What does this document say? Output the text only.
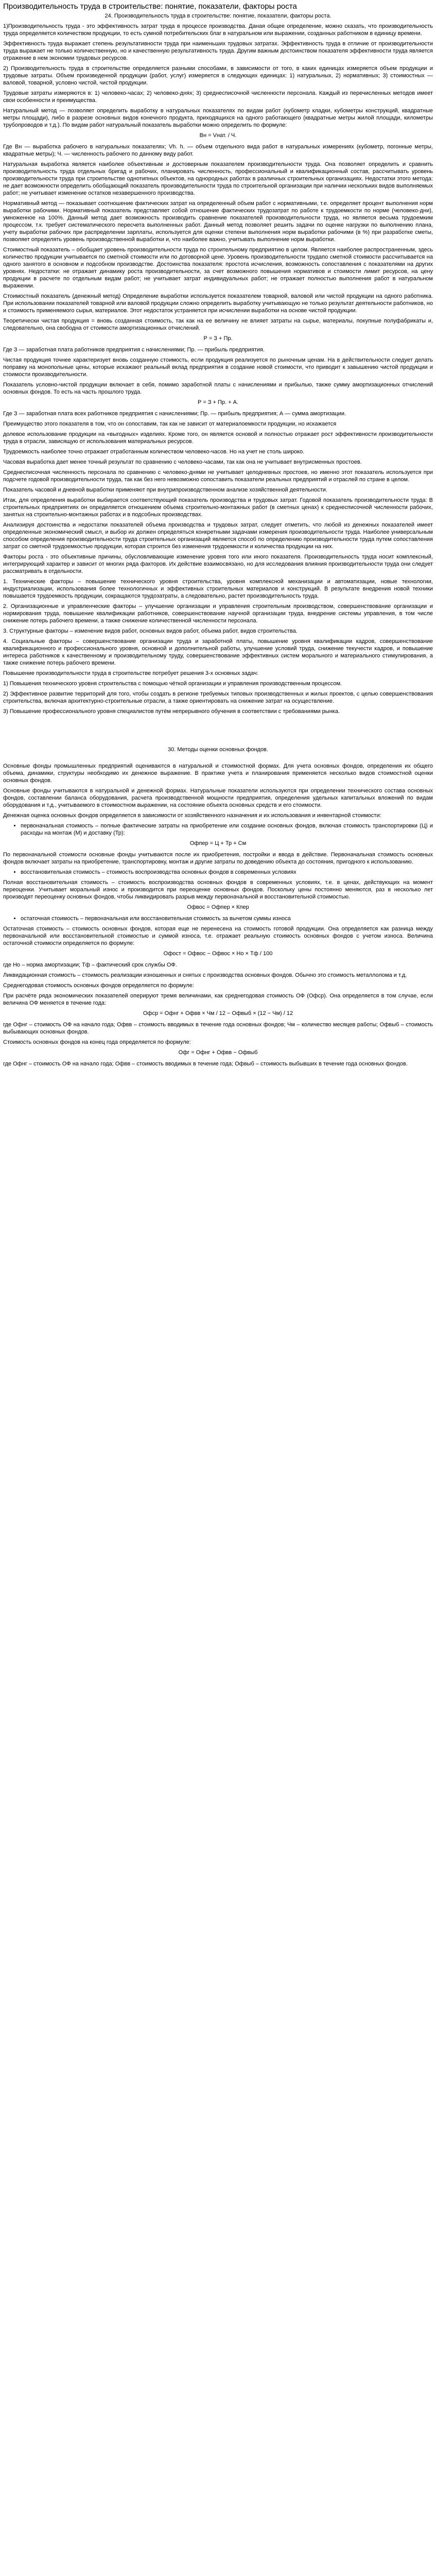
Производительность труда в строительстве: понятие, показатели, факторы роста
24. Производительность труда в строительстве: понятие, показатели, факторы роста.

1)Производительность труда - это эффективность затрат труда в процессе производства. Даная общее определение, можно сказать, что производительность труда определяется количеством продукции, то есть сумной потребительских благ в натуральном или выражении, созданных работником в единицу времени.

Эффективность труда выражает степень результативности труда при наименьших трудовых затратах. Эффективность труда в отличие от производительности труда выражает не только количественную, но и качественную результативность труда. Другим важным достоинством показателя эффективности труда является отражение в нем экономии трудовых ресурсов.

2) Производительность труда в строительстве определяется разными способами, в зависимости от того, в каких единицах измеряется объем продукции и трудовые затраты. Объем произведенной продукции (работ, услуг) измеряется в следующих единицах: 1) натуральных, 2) нормативных; 3) стоимостных — валовой, товарной, условно чистой, чистой продукции.

Трудовые затраты измеряются в: 1) человеко-часах; 2) человеко-днях; 3) среднесписочной численности персонала. Каждый из перечисленных методов имеет свои особенности и преимущества.

Натуральный метод — позволяет определить выработку в натуральных показателях по видам работ (кубометр кладки, кубометры конструкций, квадратные метры площади), либо в разрезе основных видов конечного продукта, приходящихся на одного работающего (квадратные метры жилой площади, километры трубопроводов и т.д.). По видам работ натуральный показатель выработки можно определить по формуле:

Вн = Vнат. / Ч.

Где Вн — выработка рабочего в натуральных показателях; Vh. h. — объем отдельного вида работ в натуральных измерениях (кубометр, погонные метры, квадратные метры); Ч. — численность рабочего по данному виду работ.

Натуральная выработка является наиболее объективным и достоверным показателем производительности труда. Она позволяет определить и сравнить производительность труда отдельных бригад и рабочих, планировать численность, профессиональный и квалификационный состав, рассчитывать уровень производительности труда при строительстве однотипных объектов, на однородных работах в различных строительных организациях. Недостатки этого метода: не дает возможности определить обобщающий показатель производительности труда по строительной организации при наличии нескольких видов выполняемых работ; не учитывает изменение остатков незавершенного производства.

Нормативный метод — показывает соотношение фактических затрат на определенный объем работ с нормативными, т.е. определяет процент выполнения норм выработки рабочими. Нормативный показатель представляет собой отношение фактических трудозатрат по работе к трудоемкости по норме (человеко-дни), умноженное на 100%. Данный метод дает возможность производить сравнение показателей производительности труда, но является весьма трудоемким процессом, т.к. требует систематического пересчета выполненных работ. Данный метод позволяет решить задачи по оценке нагрузки по выполнению плана, учету выработки рабочих при распределении зарплаты, используется для оценки степени выполнения норм выработки рабочими (в %) при разработке сметы, позволяет определять уровень производственной выработки и, что наиболее важно, учитывать выполнение норм выработки.

Стоимостный показатель – обобщает уровень производительности труда по строительному предприятию в целом. Является наиболее распространенным, здесь количество продукции учитывается по сметной стоимости или по договорной цене. Уровень производительности трудапо сметной стоимости рассчитывается на одного занятого в основном и подсобном производстве. Достоинства показателя: простота исчисления, возможность сопоставления с показателями на других уровнях. Недостатки: не отражает динамику роста производительности, за счет возможного повышения нормативов и стоимости лимит ресурсов, на цену продукции в расчете по отдельным видам работ; не учитывает затрат индивидуальных работ; не отражает полностью выполнения работ в натуральном выражении.

Стоимостный показатель (денежный метод) Определение выработки используется показателем товарной, валовой или чистой продукции на одного работника. При использовании показателей товарной или валовой продукции сложно определить выработку учитывающую не только результат деятельности работников, но и стоимость применяемого сырья, материалов. Этот недостаток устраняется при исчислении выработки на основе чистой продукции.

Теоретически чистая продукция = вновь созданная стоимость, так как на ее величину не влияет затраты на сырье, материалы, покупные полуфабрикаты и, следовательно, она свободна от стоимости амортизационных отчислений.

Р = З + Пр.

Где З — заработная плата работников предприятия с начислениями; Пр. — прибыль предприятия.

Чистая продукция точнее характеризует вновь созданную стоимость, если продукция реализуется по рыночным ценам. На в действительности следует делать поправку на монопольные цены, которые искажают реальный вклад предприятия в создание новой стоимости, что приводит к завышению чистой продукции и стоимости производительности.

Показатель условно-чистой продукции включает в себя, помимо заработной платы с начислениями и прибылью, также сумму амортизационных отчислений основных фондов. То есть на часть прошлого труда.

Р = З + Пр. + А.

Где З — заработная плата всех работников предприятия с начислениями; Пр. — прибыль предприятия; А — сумма амортизации.

Преимущество этого показателя в том, что он сопоставим, так как не зависит от материалоемкости продукции, но искажается

долевое использование продукции на «выгодных» изделиях. Кроме того, он является основой и полностью отражает рост эффективности производительности труда в отрасли, зависящую от использования материальных ресурсов.

Трудоемкость наиболее точно отражает отработанным количеством человеко-часов. Но на учет не столь широко.

Часовая выработка дает менее точный результат по сравнению с человеко-часами, так как она не учитывает внутрисменных простоев.

Среднесписочная численность персонала по сравнению с человеко-днями не учитывает целодневных простоев, но именно этот показатель используется при подсчете годовой производительности труда, так как без него невозможно сопоставить показатели реальных предприятий и отраслей по стране в целом.

Показатель часовой и дневной выработки применяют при внутрипроизводственном анализе хозяйственной деятельности.

Итак, для определения выработки выбирается соответствующий показатель производства и трудовых затрат. Годовой показатель производительности труда: В строительных предприятиях он определяется отношением объема строительно-монтажных работ (в сметных ценах) к среднесписочной численности рабочих, занятых на строительно-монтажных работах и в подсобных производствах.

Анализируя достоинства и недостатки показателей объема производства и трудовых затрат, следует отметить, что любой из денежных показателей имеет определенные экономический смысл, и выбор их должен определяться конкретными задачами измерения производительности труда. Наиболее универсальным способом определения производительности труда строительных организаций является способ по определению производительности труда путем сопоставления затрат со сметной трудоемкостью продукции, которая строится без изменения трудоемкости и количества продукции на них.

Факторы роста - это объективные причины, обусловливающие изменение уровня того или иного показателя. Производительность труда носит комплексный, интегрирующий характер и зависит от многих ряда факторов. Их действие взаимосвязано, но для исследования влияния производительности труда они следует рассматривать в отдельности.

1. Технические факторы – повышение технического уровня строительства, уровня комплексной механизации и автоматизации, новые технологии, индустриализации, использования более технологичных и эффективных строительных материалов и конструкций. В результате внедрения новой техники повышается трудоемкость продукции, сокращаются трудозатраты, а следовательно, растет производительность труда.

2. Организационные и управленческие факторы – улучшение организации и управления строительным производством, совершенствование организации и нормирования труда, повышение квалификации работников, совершенствование научной организации труда, внедрение системы управления, в том числе снижение потерь рабочего времени, а также снижение количественной численности персонала.

3. Структурные факторы – изменение видов работ, основных видов работ, объема работ, видов строительства.

4. Социальные факторы – совершенствование организации труда и заработной платы, повышение уровня квалификации кадров, совершенствование квалификационного и профессионального уровня, основной и дополнительной работы, улучшение условий труда, снижение текучести кадров, и повышение интереса работников к качественному и производительному труду, совершенствование эффективных систем морального и материального стимулирования, а также снижение потерь рабочего времени.

Повышение производительности труда в строительстве потребует решения 3-х основных задач:

1) Повышения технического уровня строительства с помощью чёткой организации и управления производственным процессом.

2) Эффективное развитие территорий для того, чтобы создать в регионе требуемых типовых производственных и жилых проектов, с целью совершенствования строительства, включая архитектурно-строительные отрасли, а также ориентировать на снижение затрат на осуществление.

3) Повышение профессионального уровня специалистов путём непрерывного обучения в соответствии с требованиями рынка.

30. Методы оценки основных фондов.

Основные фонды промышленных предприятий оцениваются в натуральной и стоимостной формах. Для учета основных фондов, определения их общего объема, динамики, структуры необходимо их денежное выражение. В практике учета и планирования применяется несколько видов стоимостной оценки основных фондов.

Основные фонды учитываются в натуральной и денежной формах. Натуральные показатели используются при определении технического состава основных фондов, составлении баланса оборудования, расчета производственной мощности предприятия, определения удельных капитальных вложений по видам оборудования и т.д., учитываемого в стоимостном выражении, на состояние объекта основных средств и его стоимости.

Денежная оценка основных фондов определяется в зависимости от хозяйственного назначения и их использования и инвентарной стоимости:

• первоначальная стоимость – полные фактические затраты на приобретение или создание основных фондов, включая стоимость транспортировки (Ц) и расходы на монтаж (М) и доставку (Тр):
Офпер = Ц + Тр + См

По первоначальной стоимости основные фонды учитываются после их приобретения, постройки и ввода в действие. Первоначальная стоимость основных фондов включает затраты на приобретение, транспортировку, монтаж и другие затраты по доведению объекта до состояния, пригодного к использованию.

• восстановительная стоимость – стоимость воспроизводства основных фондов в современных условиях

Полная восстановительная стоимость – стоимость воспроизводства основных фондов в современных условиях, т.е. в ценах, действующих на момент переоценки. Учитывает моральный износ и производится при переоценке основных фондов. Поскольку цены постоянно меняются, раз в несколько лет производят переоценку основных фондов, чтобы ликвидировать разрыв между первоначальной и восстановительной стоимостью.

Офвос = Офпер × Кпер
• остаточная стоимость – первоначальная или восстановительная стоимость за вычетом суммы износа

Остаточная стоимость – стоимость основных фондов, которая еще не перенесена на стоимость готовой продукции. Она определяется как разница между первоначальной или восстановительной стоимостью и суммой износа, т.е. отражает реальную стоимость основных фондов с учетом износа. Величина остаточной стоимости определяется по формуле:

Офост = Офвос − Офвос × Но × Тф / 100

где Но – норма амортизации; Тф – фактический срок службы ОФ.

Ликвидационная стоимость – стоимость реализации изношенных и снятых с производства основных фондов. Обычно это стоимость металлолома и т.д.

Среднегодовая стоимость основных фондов определяется по формуле:

При расчёте ряда экономических показателей оперируют тремя величинами, как среднегодовая стоимость ОФ (Офср). Она определяется в том случае, если величина ОФ меняется в течение года:

Офср = Офнг + Офвв × Чм / 12 − Офвыб × (12 − Чм) / 12

где Офнг – стоимость ОФ на начало года; Офвв – стоимость вводимых в течение года основных фондов; Чм – количество месяцев работы; Офвыб – стоимость выбывающих основных фондов.

Стоимость основных фондов на конец года определяется по формуле:

Офг = Офнг + Офвв − Офвыб

где Офнг – стоимость ОФ на начало года; Офвв – стоимость вводимых в течение года; Офвыб – стоимость выбывших в течение года основных фондов.
